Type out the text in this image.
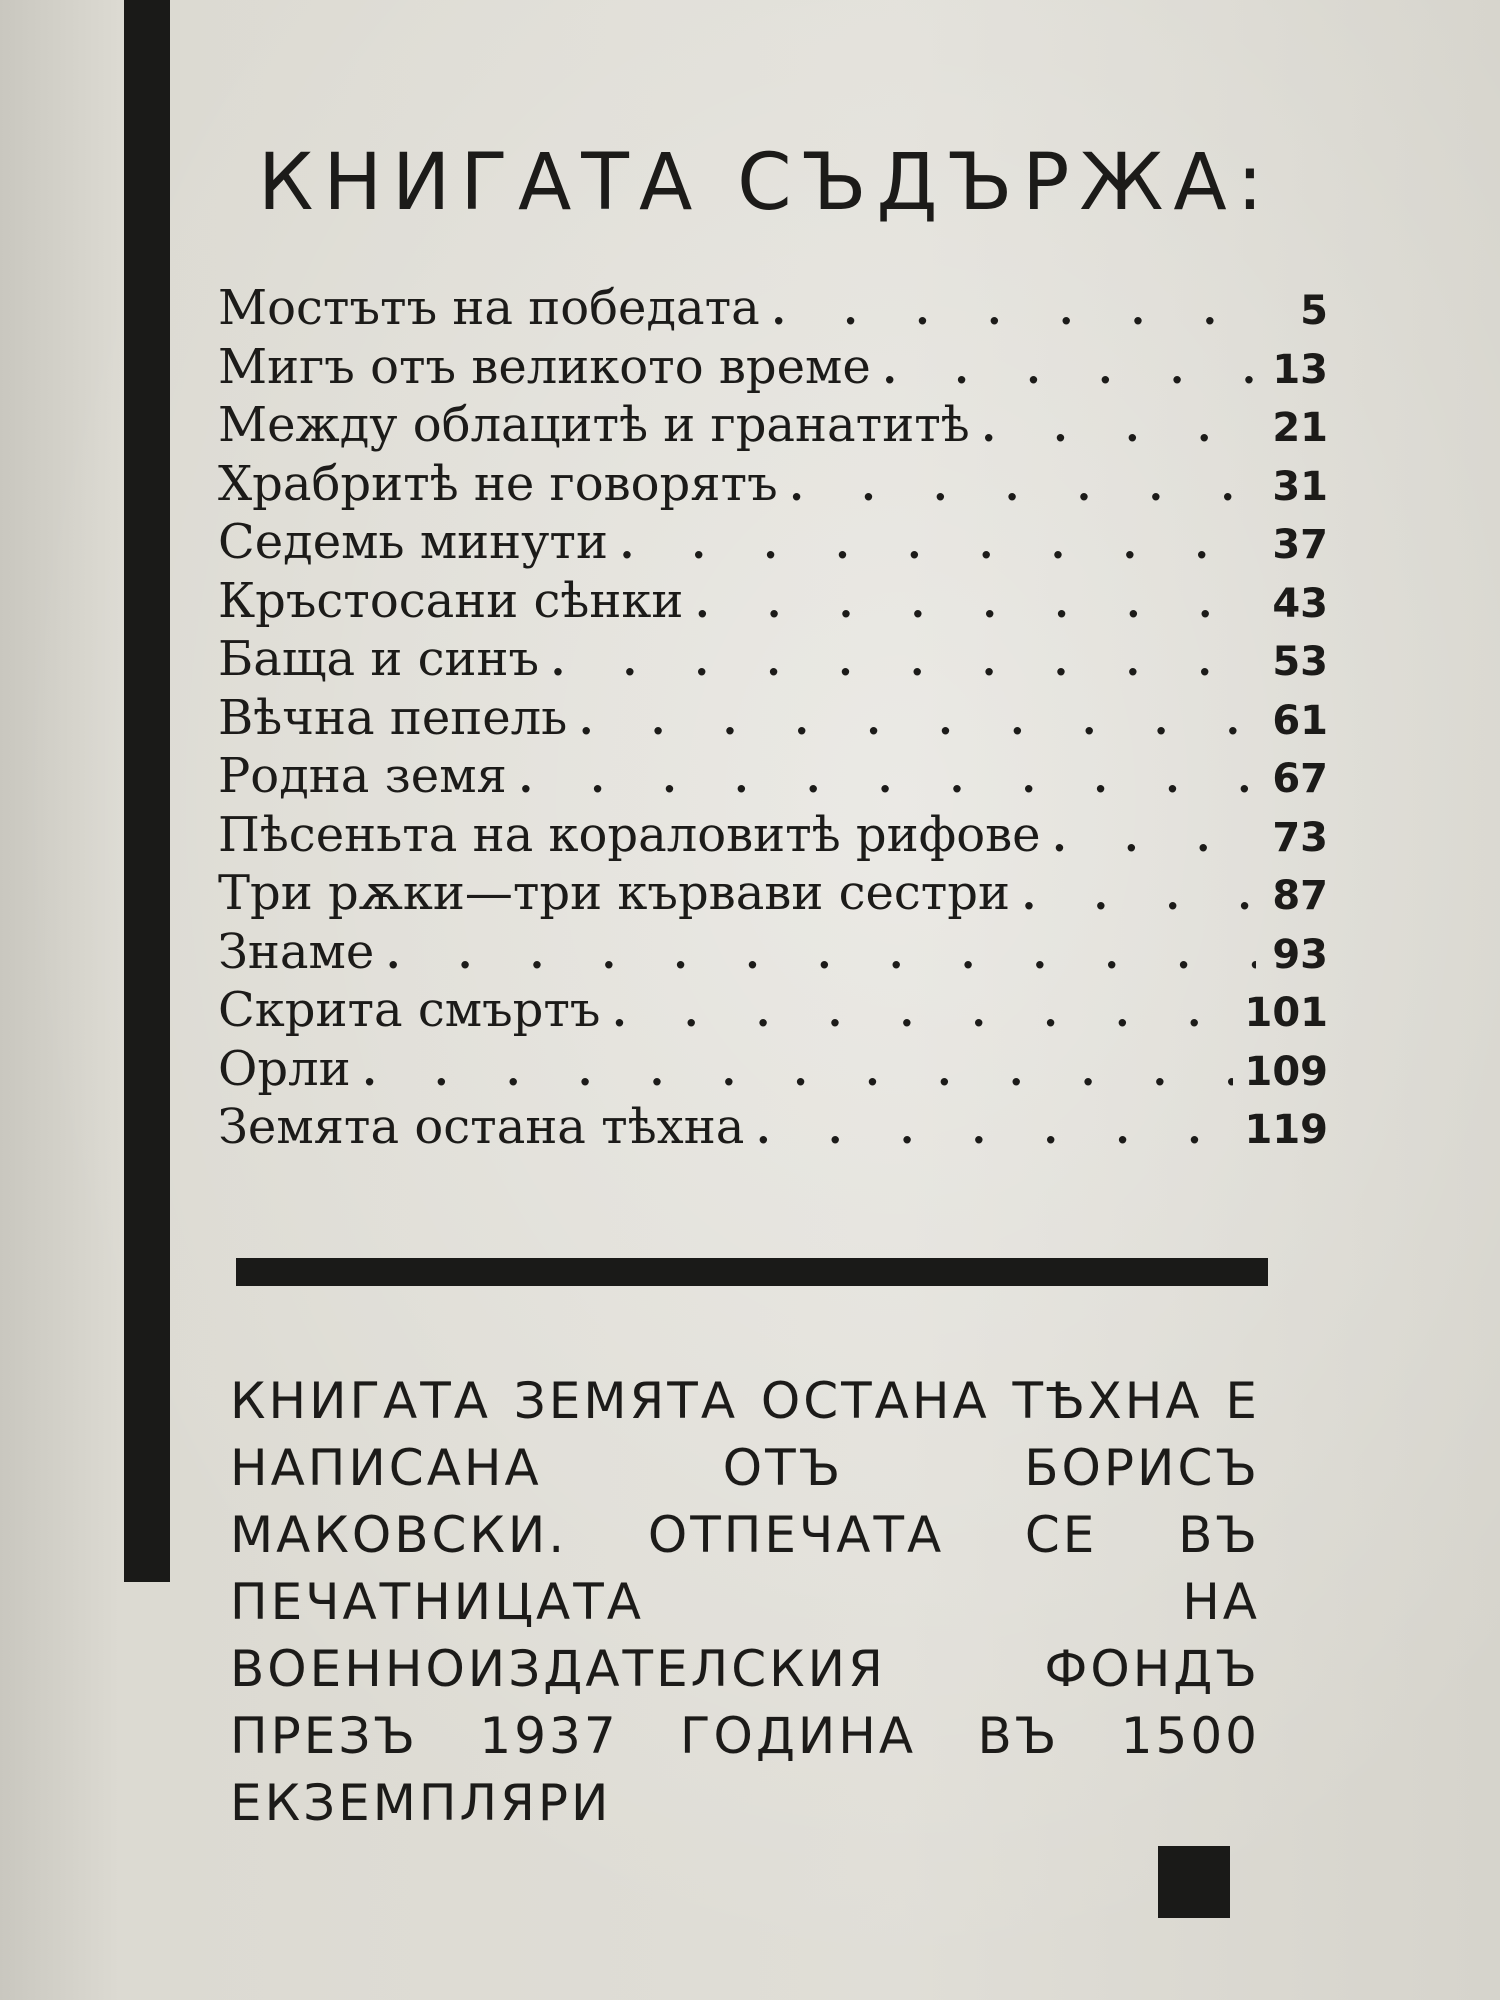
КНИГАТА СЪДЪРЖА:
Мостътъ на победата . . .	5
Мигъ отъ великото време . . .	13
Между облацитѣ и гранатитѣ . . .	21
Храбритѣ не говорятъ . . .	31
Седемь минути . . .	37
Кръстосани сѣнки . . .	43
Баща и синъ . . .	53
Вѣчна пепель . . .	61
Родна земя . . .	67
Пѣсеньта на кораловитѣ рифове . . .	73
Три рѫки—три кървави сестри . . .	87
Знаме . . .	93
Скрита смъртъ . . .	101
Орли . . .	109
Земята остана тѣхна . . .	119

КНИГАТА ЗЕМЯТА ОСТАНА ТѢХНА Е НАПИСАНА ОТЪ БОРИСЪ МАКОВСКИ. ОТПЕЧАТА СЕ ВЪ ПЕЧАТНИЦАТА НА ВОЕННОИЗДАТЕЛСКИЯ ФОНДЪ ПРЕЗЪ 1937 ГОДИНА ВЪ 1500 ЕКЗЕМПЛЯРИ
